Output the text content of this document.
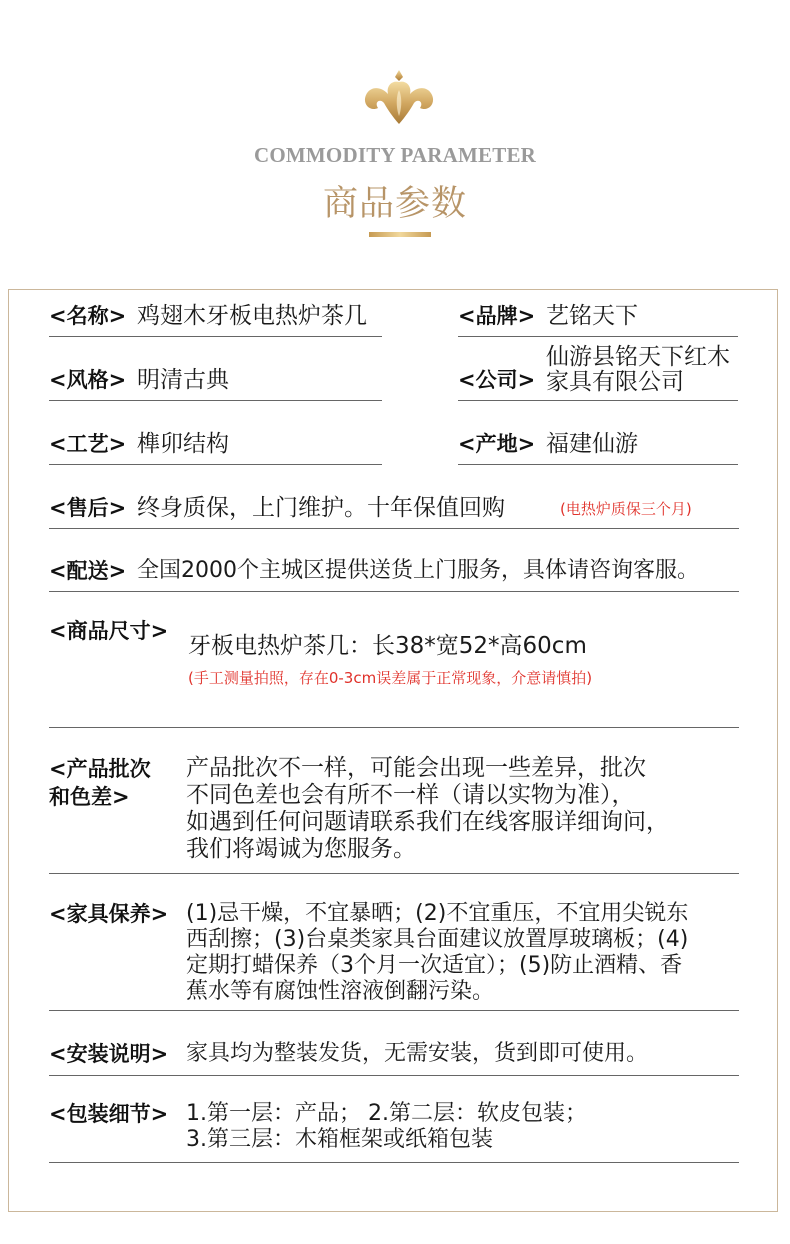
COMMODITY PARAMETER
商品参数
<名称> 鸡翅木牙板电热炉茶几	<品牌> 艺铭天下
<风格> 明清古典	<公司>
仙游县铭天下红木
家具有限公司
<工艺> 榫卯结构	<产地> 福建仙游
<售后> 终身质保，上门维护。十年保值回购	(电热炉质保三个月)
<配送> 全国2000个主城区提供送货上门服务，具体请咨询客服。
<商品尺寸>
牙板电热炉茶几：长38*宽52*高60cm
(手工测量拍照，存在0-3cm误差属于正常现象，介意请慎拍)
<产品批次
和色差>
产品批次不一样，可能会出现一些差异，批次
不同色差也会有所不一样（请以实物为准），
如遇到任何问题请联系我们在线客服详细询问，
我们将竭诚为您服务。
<家具保养> (1)忌干燥，不宜暴晒；(2)不宜重压，不宜用尖锐东
西刮擦；(3)台桌类家具台面建议放置厚玻璃板；(4)
定期打蜡保养（3个月一次适宜）；(5)防止酒精、香
蕉水等有腐蚀性溶液倒翻污染。
<安装说明> 家具均为整装发货，无需安装，货到即可使用。
<包装细节> 1.第一层：产品； 2.第二层：软皮包装；
3.第三层：木箱框架或纸箱包装
